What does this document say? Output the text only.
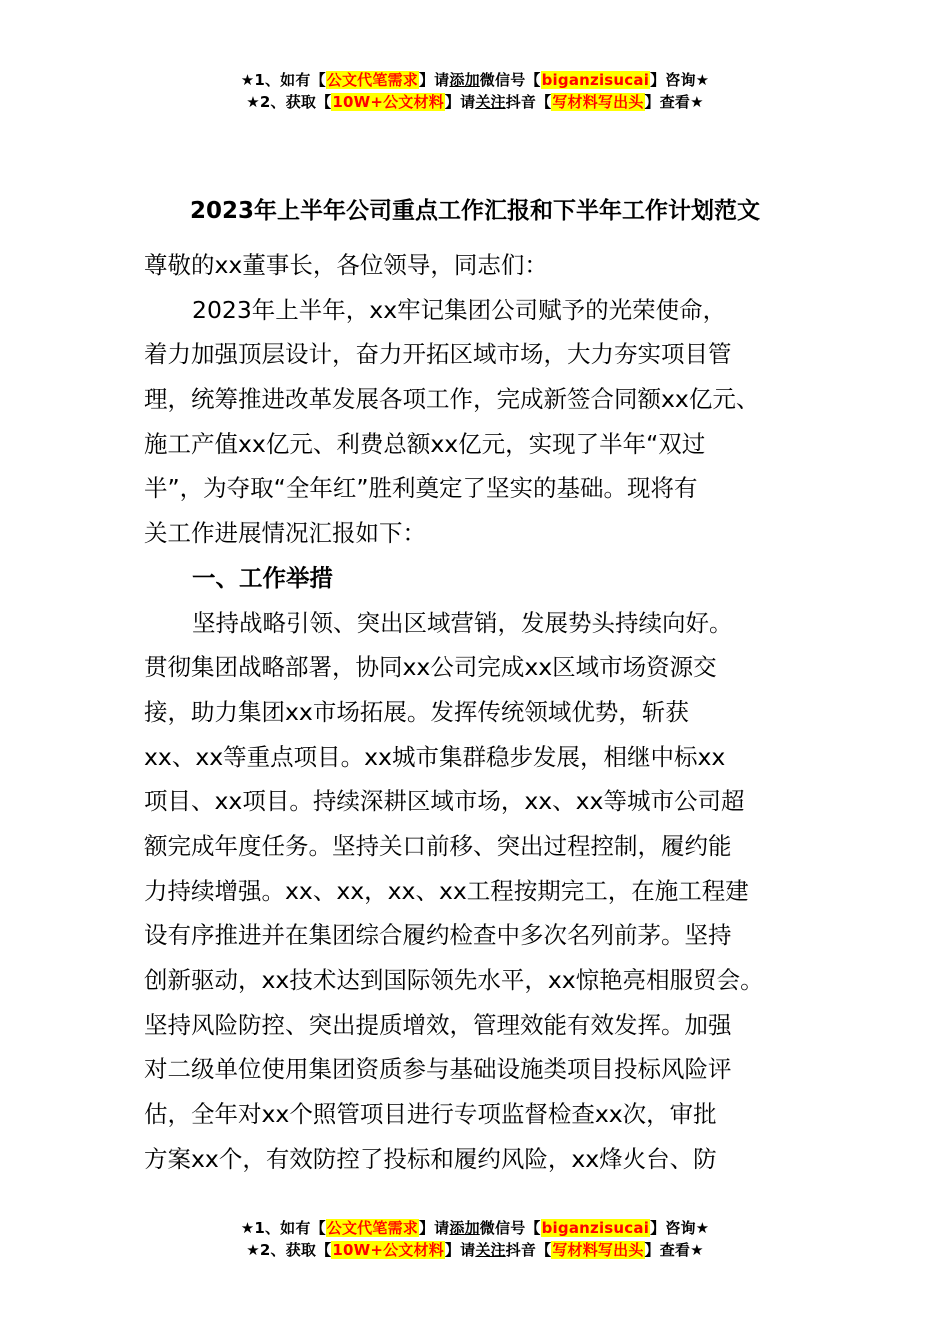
★1、如有【公文代笔需求】请添加微信号【biganzisucai】咨询★
★2、获取【10W+公文材料】请关注抖音【写材料写出头】查看★
2023年上半年公司重点工作汇报和下半年工作计划范文
尊敬的xx董事长，各位领导，同志们：
2023年上半年，xx牢记集团公司赋予的光荣使命，
着力加强顶层设计，奋力开拓区域市场，大力夯实项目管
理，统筹推进改革发展各项工作，完成新签合同额xx亿元、
施工产值xx亿元、利费总额xx亿元，实现了半年“双过
半”，为夺取“全年红”胜利奠定了坚实的基础。现将有
关工作进展情况汇报如下：
一、工作举措
坚持战略引领、突出区域营销，发展势头持续向好。
贯彻集团战略部署，协同xx公司完成xx区域市场资源交
接，助力集团xx市场拓展。发挥传统领域优势，斩获
xx、xx等重点项目。xx城市集群稳步发展，相继中标xx
项目、xx项目。持续深耕区域市场，xx、xx等城市公司超
额完成年度任务。坚持关口前移、突出过程控制，履约能
力持续增强。xx、xx，xx、xx工程按期完工，在施工程建
设有序推进并在集团综合履约检查中多次名列前茅。坚持
创新驱动，xx技术达到国际领先水平，xx惊艳亮相服贸会。
坚持风险防控、突出提质增效，管理效能有效发挥。加强
对二级单位使用集团资质参与基础设施类项目投标风险评
估，全年对xx个照管项目进行专项监督检查xx次，审批
方案xx个，有效防控了投标和履约风险，xx烽火台、防
★1、如有【公文代笔需求】请添加微信号【biganzisucai】咨询★
★2、获取【10W+公文材料】请关注抖音【写材料写出头】查看★
